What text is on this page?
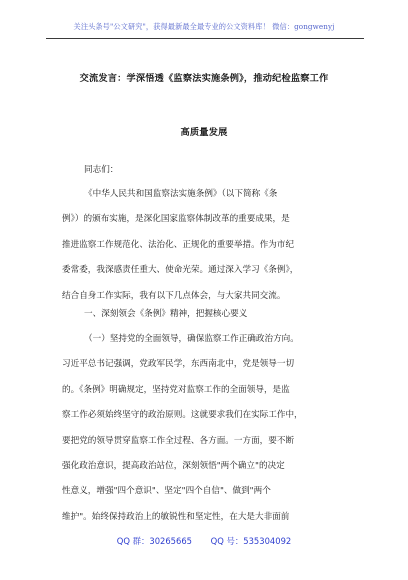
关注头条号"公文研究"，获得最新最全最专业的公文资料库！ 微信：gongwenyj
交流发言：学深悟透《监察法实施条例》，推动纪检监察工作
高质量发展
同志们：
《中华人民共和国监察法实施条例》（以下简称《条
例》）的颁布实施，是深化国家监察体制改革的重要成果，是
推进监察工作规范化、法治化、正规化的重要举措。作为市纪
委常委，我深感责任重大、使命光荣。通过深入学习《条例》，
结合自身工作实际，我有以下几点体会，与大家共同交流。
一、深刻领会《条例》精神，把握核心要义
（一）坚持党的全面领导，确保监察工作正确政治方向。
习近平总书记强调，党政军民学，东西南北中，党是领导一切
的。《条例》明确规定，坚持党对监察工作的全面领导，是监
察工作必须始终坚守的政治原则。这就要求我们在实际工作中，
要把党的领导贯穿监察工作全过程、各方面。一方面，要不断
强化政治意识，提高政治站位，深刻领悟"两个确立"的决定
性意义，增强"四个意识"、坚定"四个自信"、做到"两个
维护"。始终保持政治上的敏锐性和坚定性，在大是大非面前
QQ 群：30265665 QQ 号：535304092
